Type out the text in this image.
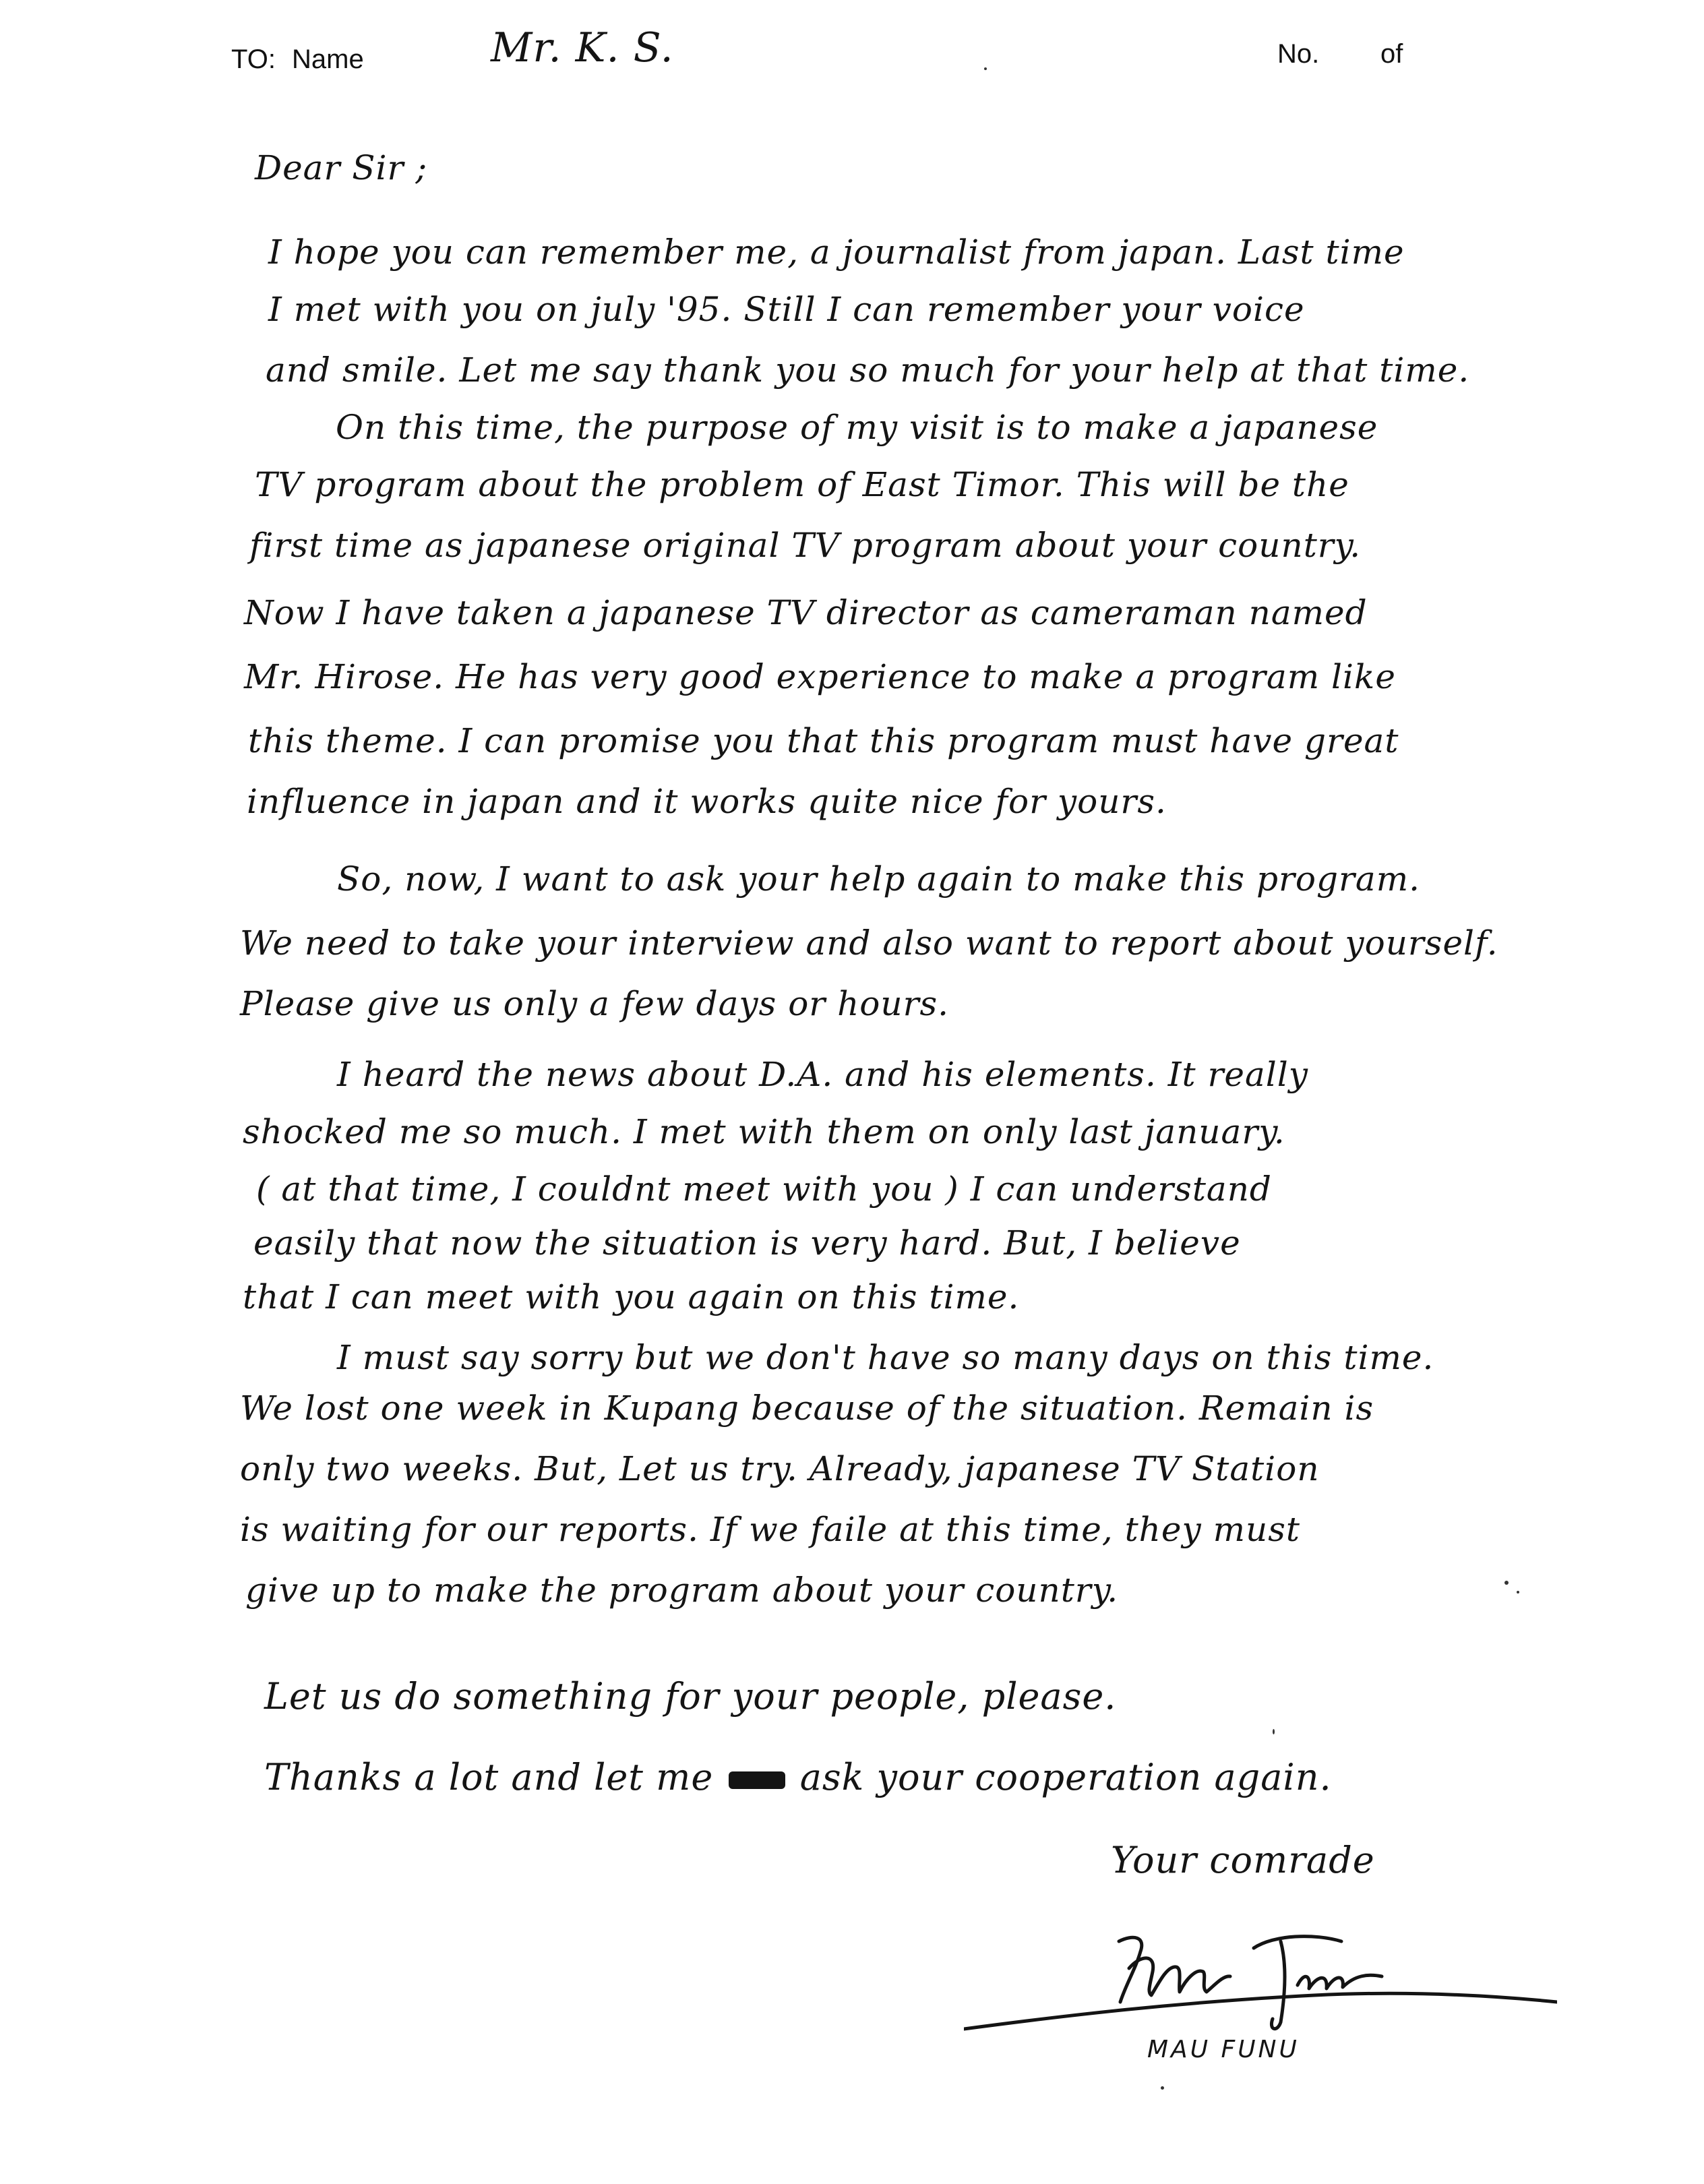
TO: Name	No. of
Mr. K. S.
Dear Sir ;
I hope you can remember me, a journalist from japan. Last time
I met with you on july '95. Still I can remember your voice
and smile. Let me say thank you so much for your help at that time.
On this time, the purpose of my visit is to make a japanese
TV program about the problem of East Timor. This will be the
first time as japanese original TV program about your country.
Now I have taken a japanese TV director as cameraman named
Mr. Hirose. He has very good experience to make a program like
this theme. I can promise you that this program must have great
influence in japan and it works quite nice for yours.
So, now, I want to ask your help again to make this program.
We need to take your interview and also want to report about yourself.
Please give us only a few days or hours.
I heard the news about D.A. and his elements. It really
shocked me so much. I met with them on only last january.
( at that time, I couldnt meet with you ) I can understand
easily that now the situation is very hard. But, I believe
that I can meet with you again on this time.
I must say sorry but we don't have so many days on this time.
We lost one week in Kupang because of the situation. Remain is
only two weeks. But, Let us try. Already, japanese TV Station
is waiting for our reports. If we faile at this time, they must
give up to make the program about your country.
Let us do something for your people, please.
Thanks a lot and let me ask your cooperation again.
Your comrade
MAU FUNU
